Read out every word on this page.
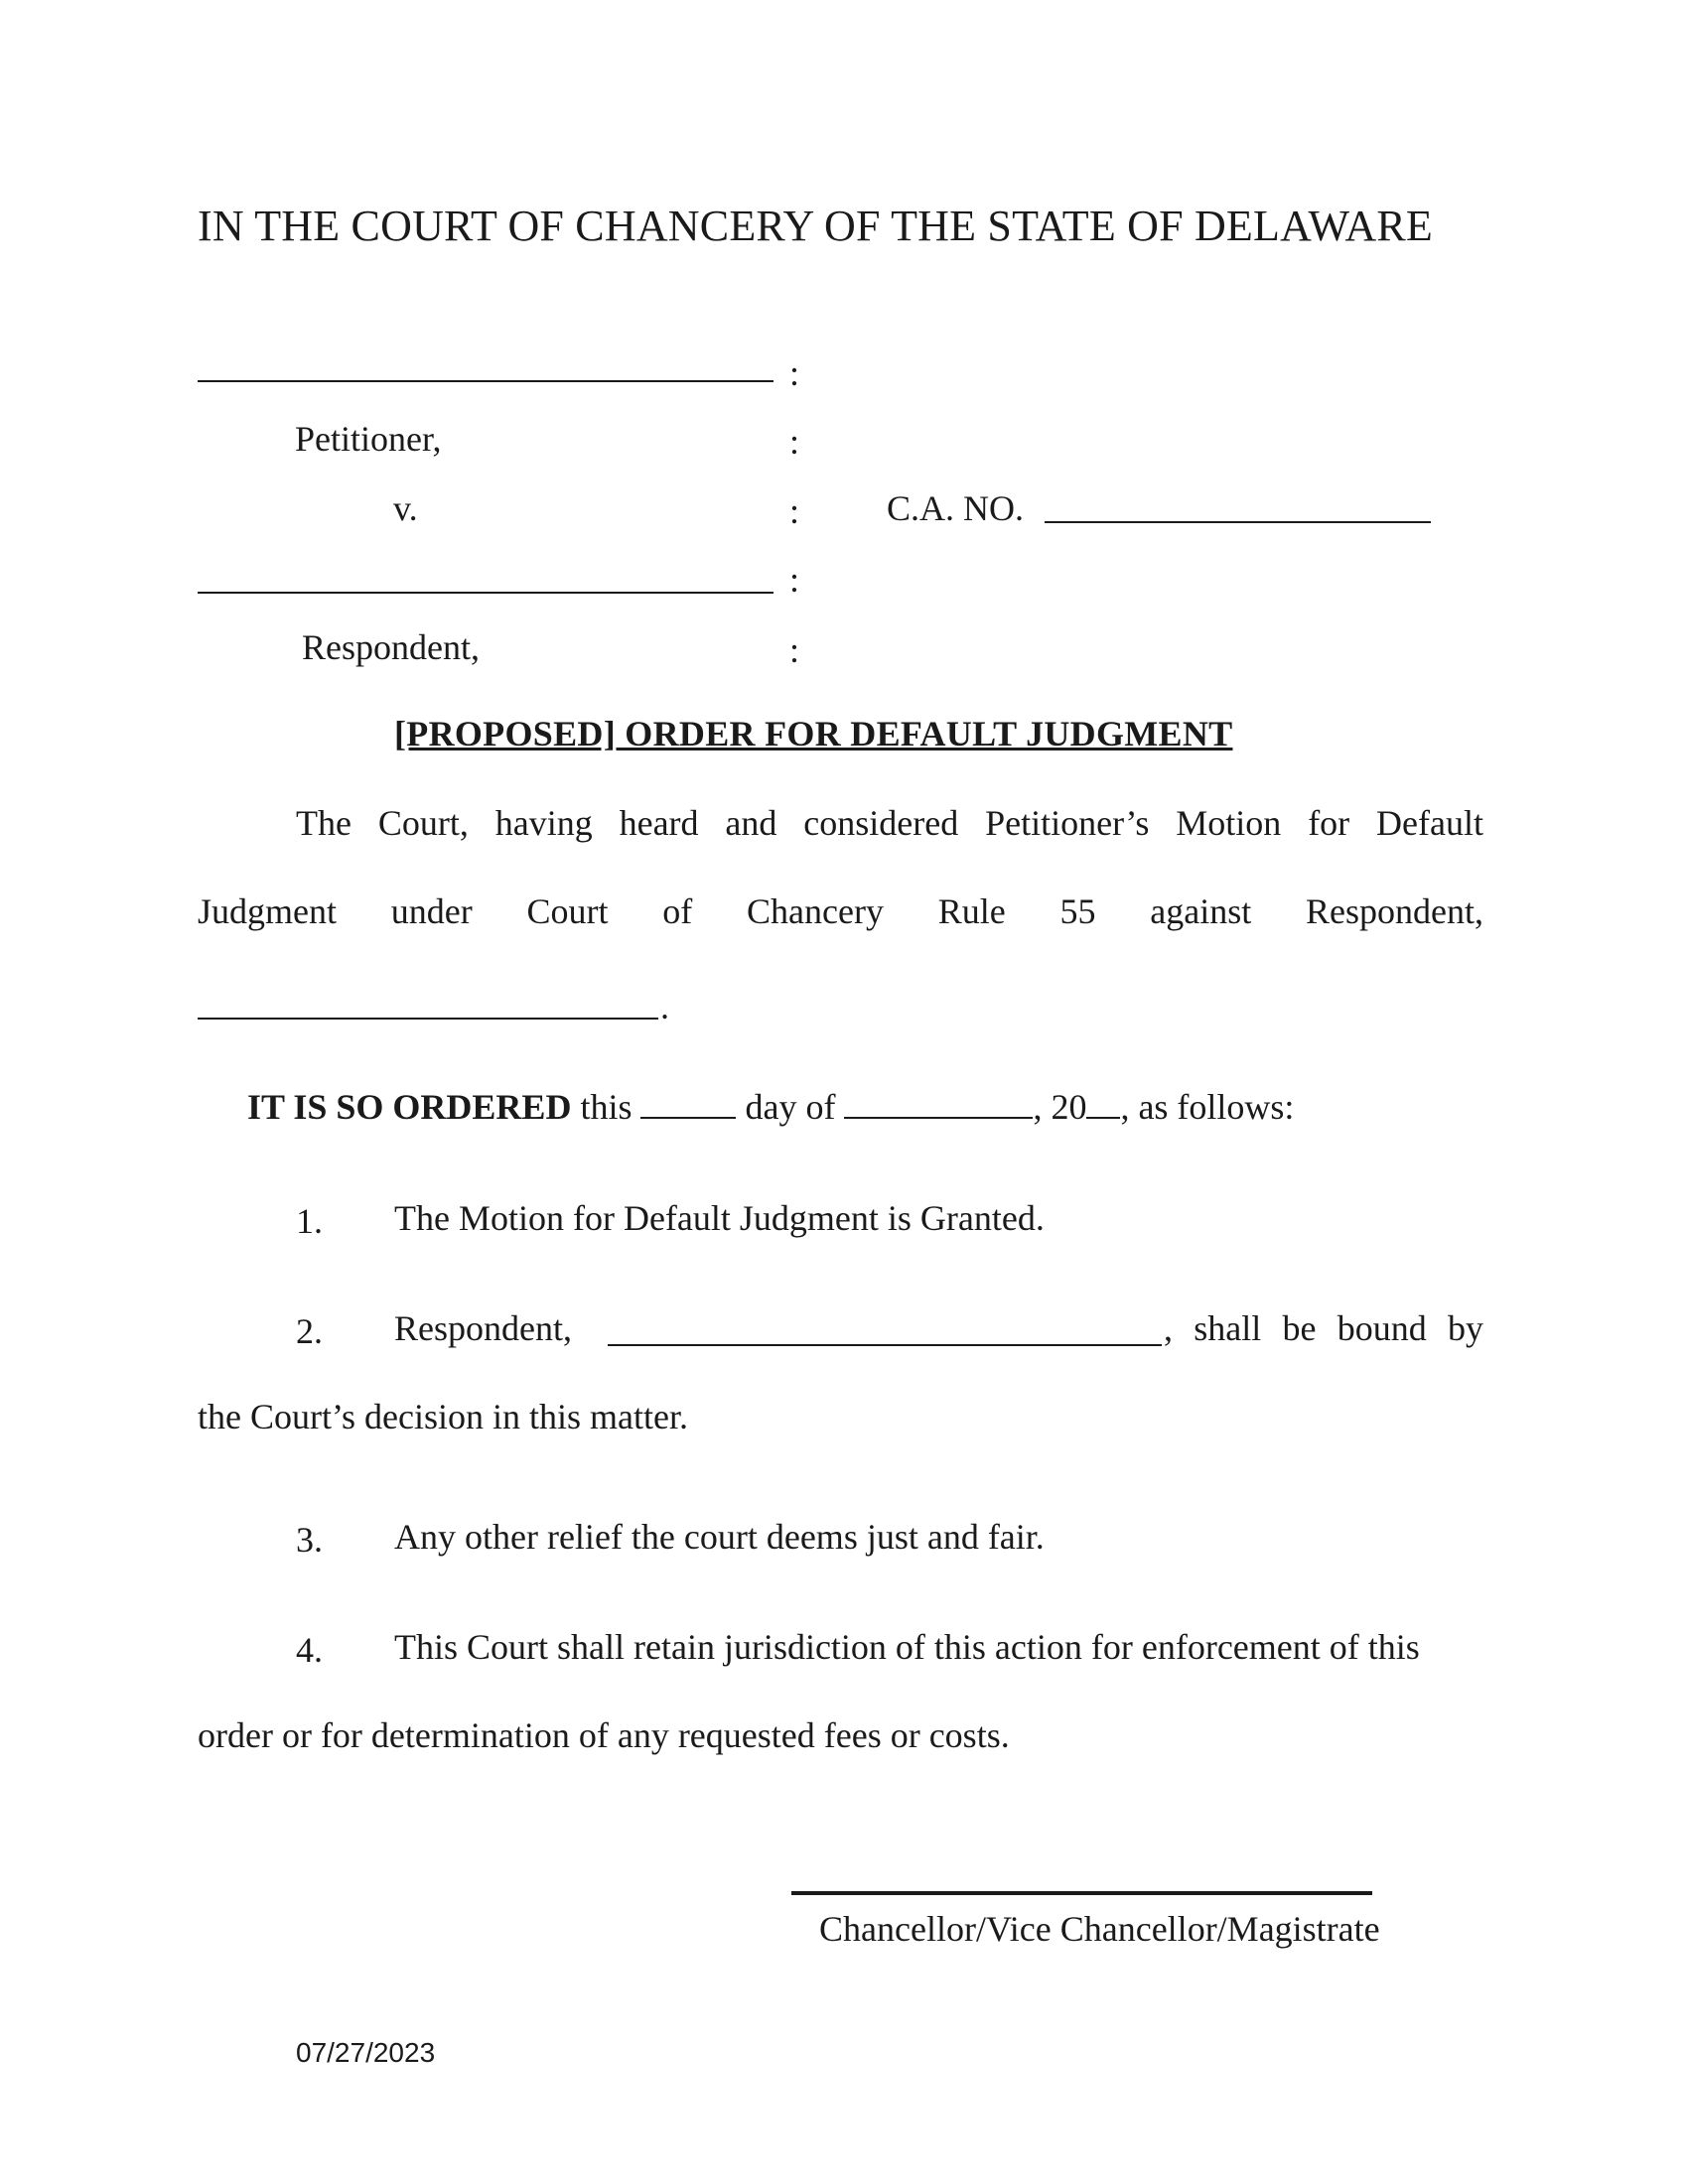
IN THE COURT OF CHANCERY OF THE STATE OF DELAWARE
:
Petitioner,	:
v.	: C.A. NO.
:
Respondent,	:
[PROPOSED] ORDER FOR DEFAULT JUDGMENT
The Court, having heard and considered Petitioner’s Motion for Default
Judgment under Court of Chancery Rule 55 against Respondent,
.
IT IS SO ORDERED this	day of	, 20 , as follows:
1. The Motion for Default Judgment is Granted.
2. Respondent,	, shall be bound by
the Court’s decision in this matter.
3. Any other relief the court deems just and fair.
4. This Court shall retain jurisdiction of this action for enforcement of this
order or for determination of any requested fees or costs.
Chancellor/Vice Chancellor/Magistrate
07/27/2023
